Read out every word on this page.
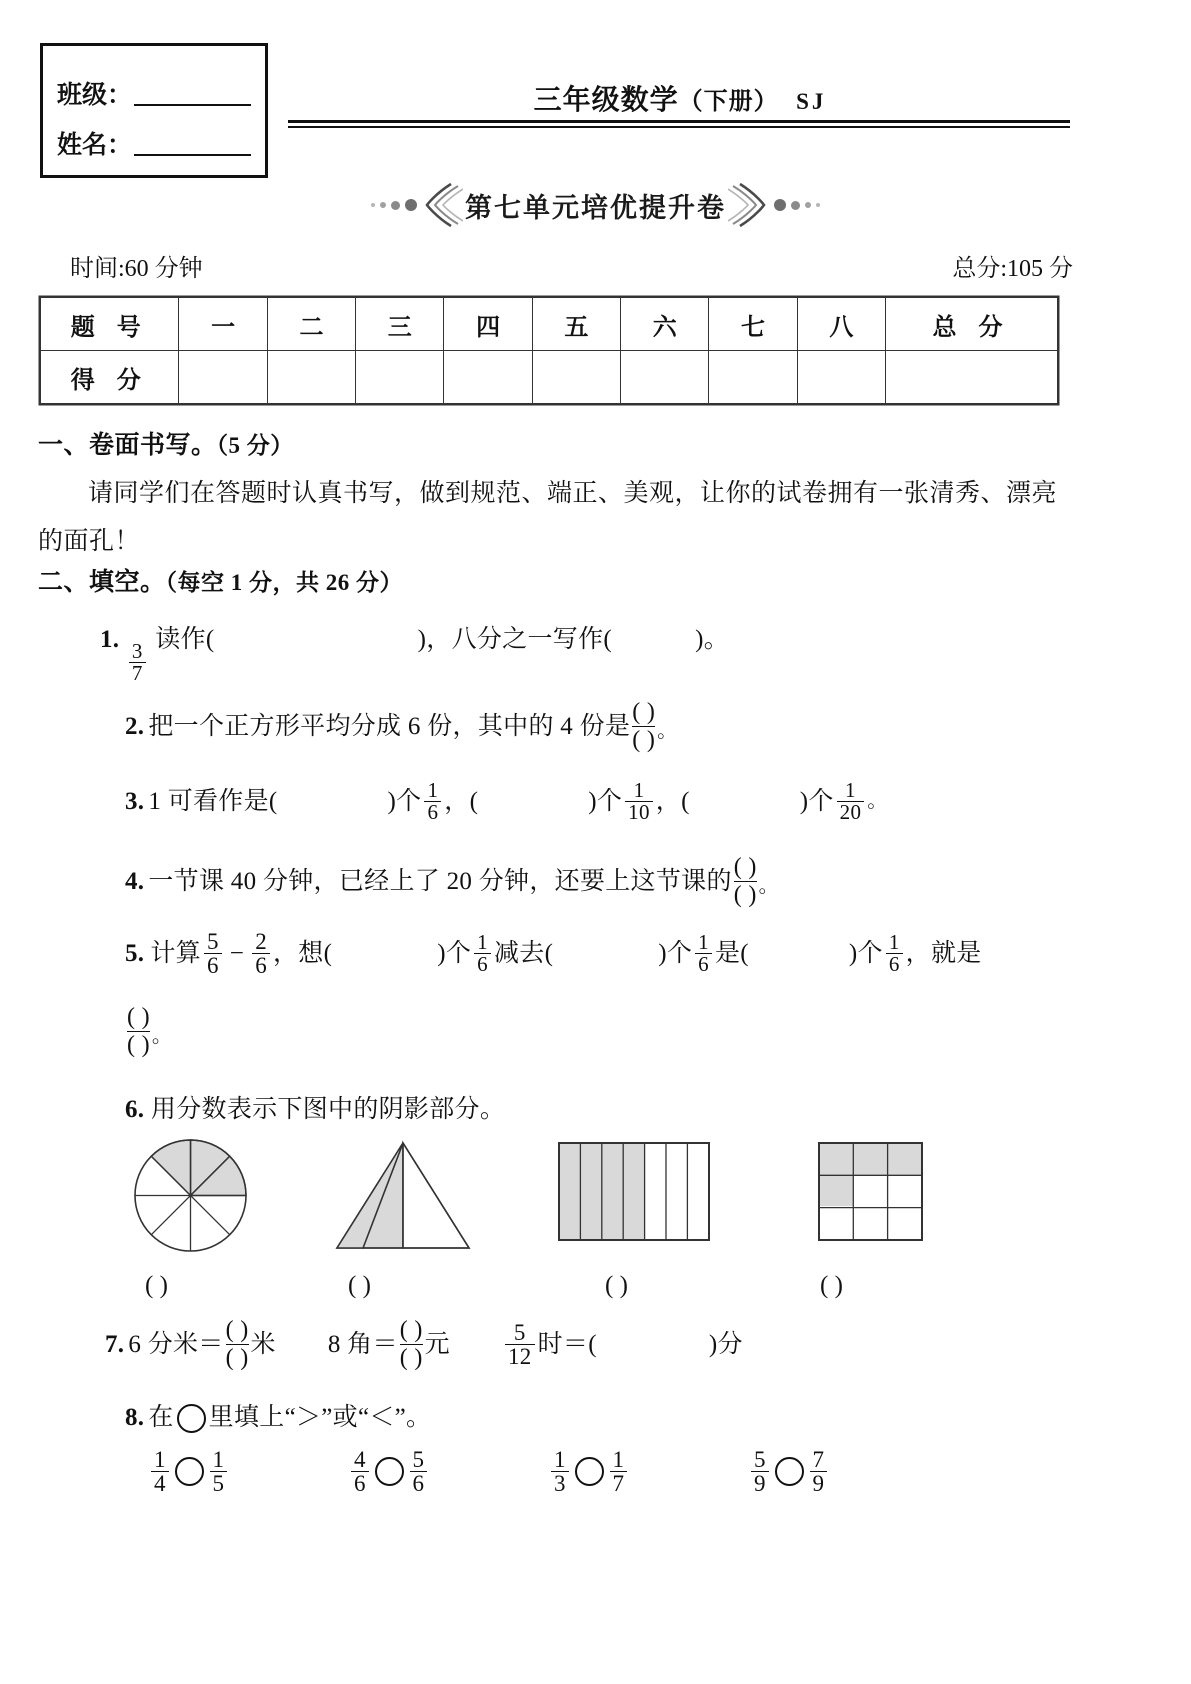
班级：
姓名：
三年级数学（下册） SJ
第七单元培优提升卷
时间:60 分钟	总分:105 分
题 号	一	二	三	四	五	六	七	八	总 分
得 分									
一、卷面书写。（5 分）
请同学们在答题时认真书写，做到规范、端正、美观，让你的试卷拥有一张清秀、漂亮的面孔！
二、填空。（每空 1 分，共 26 分）
1.
$\frac{3}{7}$
读作(	)，八分之一写作(	)。
2. 把一个正方形平均分成 6 份，其中的 4 份是
( )
( ) 。
3. 1 可看作是(	)个 $\frac{1}{6}$ ，(	)个 $\frac{1}{10}$ ，(	)个 $\frac{1}{20}$ 。
4. 一节课 40 分钟，已经上了 20 分钟，还要上这节课的
( )
( ) 。
5. 计算 $\frac{5}{6} - \frac{2}{6}$ ，想(	)个 $\frac{1}{6}$ 减去(	)个 $\frac{1}{6}$ 是(	)个 $\frac{1}{6}$ ，就是
( )
( ) 。
6. 用分数表示下图中的阴影部分。
( )	( )	( )	( )
7. 6 分米＝
( )
( )
米 8 角＝
( )
( )
元 $\frac{5}{12}$ 时＝(	)分
8. 在 里填上“＞”或“＜”。
$\frac{1}{4} \frac{1}{5}$	$\frac{4}{6} \frac{5}{6}$	$\frac{1}{3} \frac{1}{7}$	$\frac{5}{9} \frac{7}{9}$
